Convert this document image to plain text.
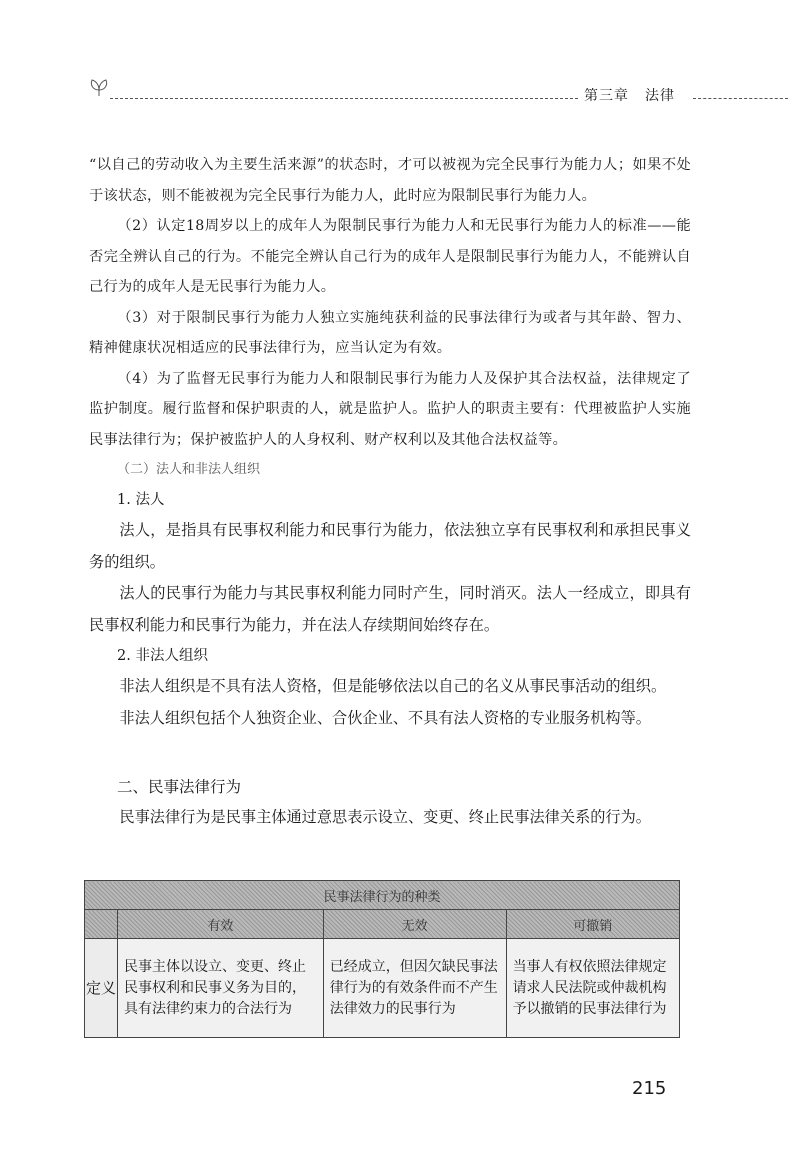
第三章 法律

“以自己的劳动收入为主要生活来源”的状态时，才可以被视为完全民事行为能力人；如果不处于该状态，则不能被视为完全民事行为能力人，此时应为限制民事行为能力人。

（2）认定18周岁以上的成年人为限制民事行为能力人和无民事行为能力人的标准——能否完全辨认自己的行为。不能完全辨认自己行为的成年人是限制民事行为能力人，不能辨认自己行为的成年人是无民事行为能力人。

（3）对于限制民事行为能力人独立实施纯获利益的民事法律行为或者与其年龄、智力、精神健康状况相适应的民事法律行为，应当认定为有效。

（4）为了监督无民事行为能力人和限制民事行为能力人及保护其合法权益，法律规定了监护制度。履行监督和保护职责的人，就是监护人。监护人的职责主要有：代理被监护人实施民事法律行为；保护被监护人的人身权利、财产权利以及其他合法权益等。

（二）法人和非法人组织

1. 法人

法人，是指具有民事权利能力和民事行为能力，依法独立享有民事权利和承担民事义务的组织。

法人的民事行为能力与其民事权利能力同时产生，同时消灭。法人一经成立，即具有民事权利能力和民事行为能力，并在法人存续期间始终存在。

2. 非法人组织

非法人组织是不具有法人资格，但是能够依法以自己的名义从事民事活动的组织。

非法人组织包括个人独资企业、合伙企业、不具有法人资格的专业服务机构等。

二、民事法律行为

民事法律行为是民事主体通过意思表示设立、变更、终止民事法律关系的行为。

民事法律行为的种类			
	有效	无效	可撤销
定义	民事主体以设立、变更、终止民事权利和民事义务为目的，具有法律约束力的合法行为	已经成立，但因欠缺民事法律行为的有效条件而不产生法律效力的民事行为	当事人有权依照法律规定请求人民法院或仲裁机构予以撤销的民事法律行为
215
